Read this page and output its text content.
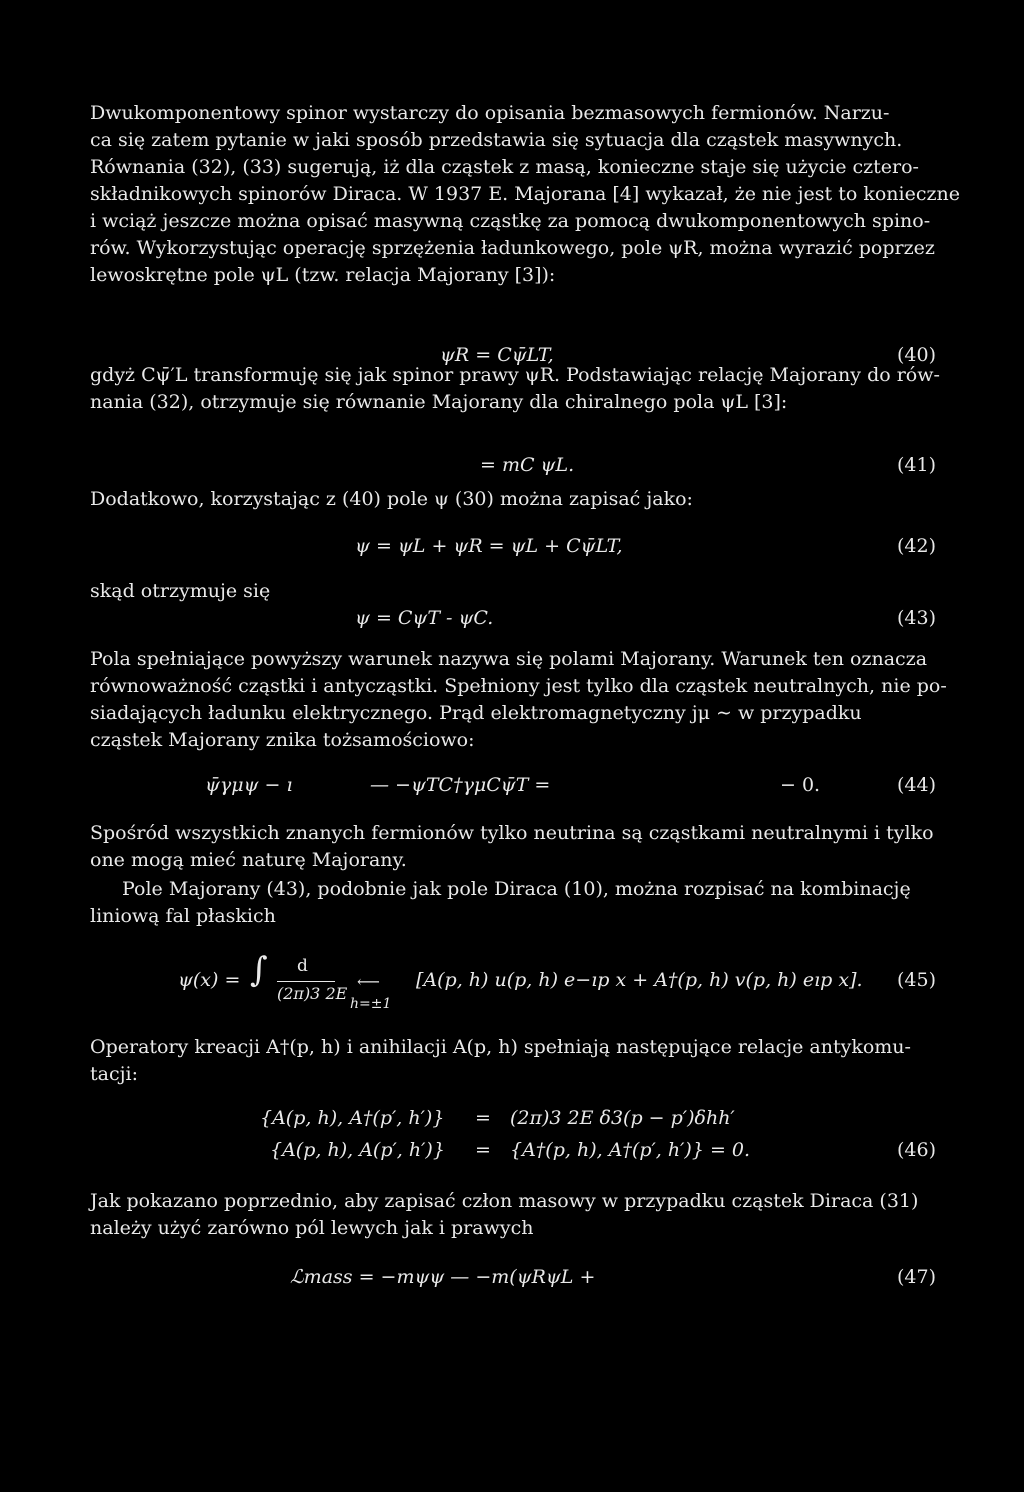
Dwukomponentowy spinor wystarczy do opisania bezmasowych fermionów. Narzu-
ca się zatem pytanie w jaki sposób przedstawia się sytuacja dla cząstek masywnych.
Równania (32), (33) sugerują, iż dla cząstek z masą, konieczne staje się użycie cztero-
składnikowych spinorów Diraca. W 1937 E. Majorana [4] wykazał, że nie jest to konieczne
i wciąż jeszcze można opisać masywną cząstkę za pomocą dwukomponentowych spino-
rów. Wykorzystując operację sprzężenia ładunkowego, pole ψR, można wyrazić poprzez
lewoskrętne pole ψL (tzw. relacja Majorany [3]):
ψR = Cψ̄LT,	(40)
gdyż Cψ̄′L transformuję się jak spinor prawy ψR. Podstawiając relację Majorany do rów-
nania (32), otrzymuje się równanie Majorany dla chiralnego pola ψL [3]:
= mC ψL.	(41)
Dodatkowo, korzystając z (40) pole ψ (30) można zapisać jako:
ψ = ψL + ψR = ψL + Cψ̄LT,	(42)
skąd otrzymuje się
ψ = CψT - ψC.	(43)
Pola spełniające powyższy warunek nazywa się polami Majorany. Warunek ten oznacza
równoważność cząstki i antycząstki. Spełniony jest tylko dla cząstek neutralnych, nie po-
siadających ładunku elektrycznego. Prąd elektromagnetyczny jμ ∼ w przypadku
cząstek Majorany znika tożsamościowo:
ψ̄γμψ − ı	— −ψTC†γμCψ̄T =	− 0.	(44)
Spośród wszystkich znanych fermionów tylko neutrina są cząstkami neutralnymi i tylko
one mogą mieć naturę Majorany.
Pole Majorany (43), podobnie jak pole Diraca (10), można rozpisać na kombinację
liniową fal płaskich
ψ(x) = ∫ d
(2π)3 2E
⟵
h=±1
[A(p, h) u(p, h) e−ıp x + A†(p, h) v(p, h) eıp x]. (45)
Operatory kreacji A†(p, h) i anihilacji A(p, h) spełniają następujące relacje antykomu-
tacji:
{A(p, h), A†(p′, h′)} = (2π)3 2E δ3(p − p′)δhh′
{A(p, h), A(p′, h′)} = {A†(p, h), A†(p′, h′)} = 0.	(46)
Jak pokazano poprzednio, aby zapisać człon masowy w przypadku cząstek Diraca (31)
należy użyć zarówno pól lewych jak i prawych
ℒmass = −mψψ — −m(ψRψL +	(47)
